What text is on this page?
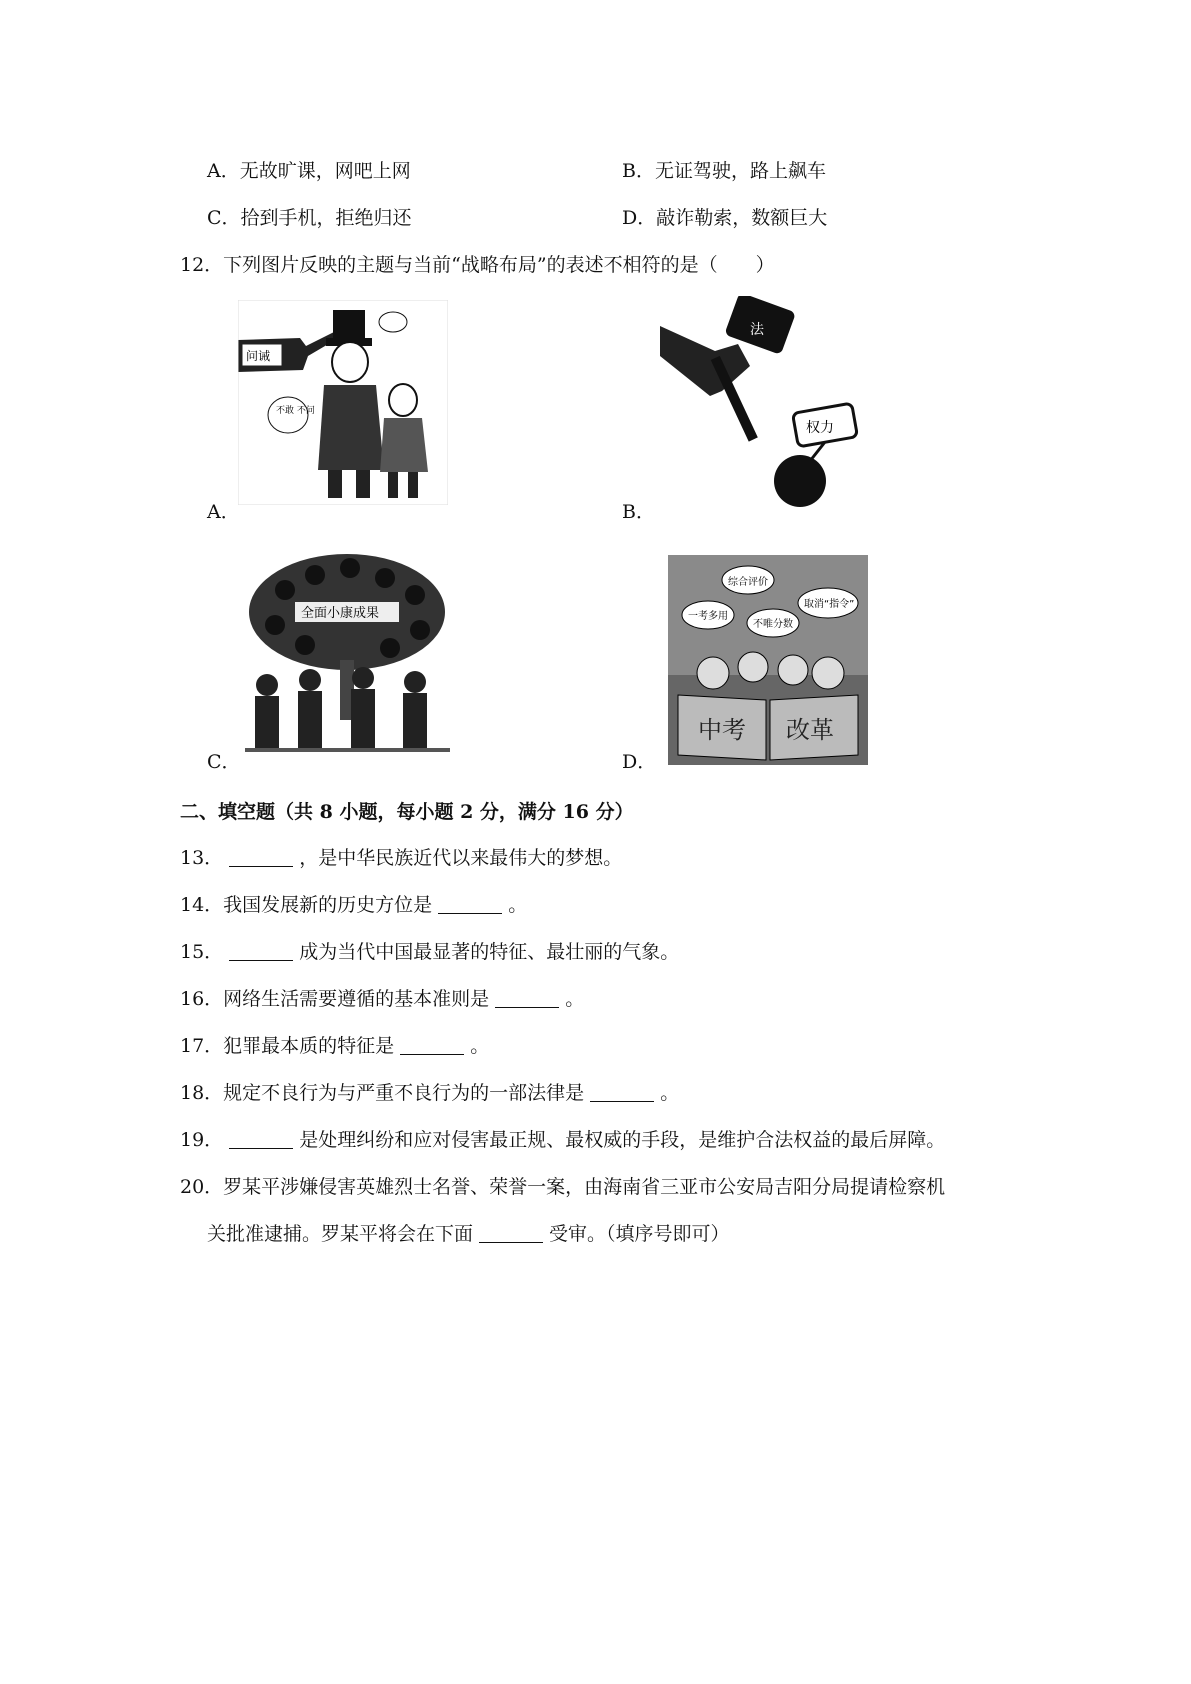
A．无故旷课，网吧上网	B．无证驾驶，路上飙车
C．拾到手机，拒绝归还	D．敲诈勒索，数额巨大
12．下列图片反映的主题与当前“战略布局”的表述不相符的是（　　）
问诫
不敢 不问
法
权力
A．	B．
全面小康成果
综合评价
一考多用
不唯分数
取消“指令”
中考 改革
C．	D．
二、填空题（共 8 小题，每小题 2 分，满分 16 分）
13．	，是中华民族近代以来最伟大的梦想。
14．我国发展新的历史方位是	。
15．	成为当代中国最显著的特征、最壮丽的气象。
16．网络生活需要遵循的基本准则是	。
17．犯罪最本质的特征是	。
18．规定不良行为与严重不良行为的一部法律是	。
19．	是处理纠纷和应对侵害最正规、最权威的手段，是维护合法权益的最后屏障。
20．罗某平涉嫌侵害英雄烈士名誉、荣誉一案，由海南省三亚市公安局吉阳分局提请检察机
关批准逮捕。罗某平将会在下面	受审。（填序号即可）
